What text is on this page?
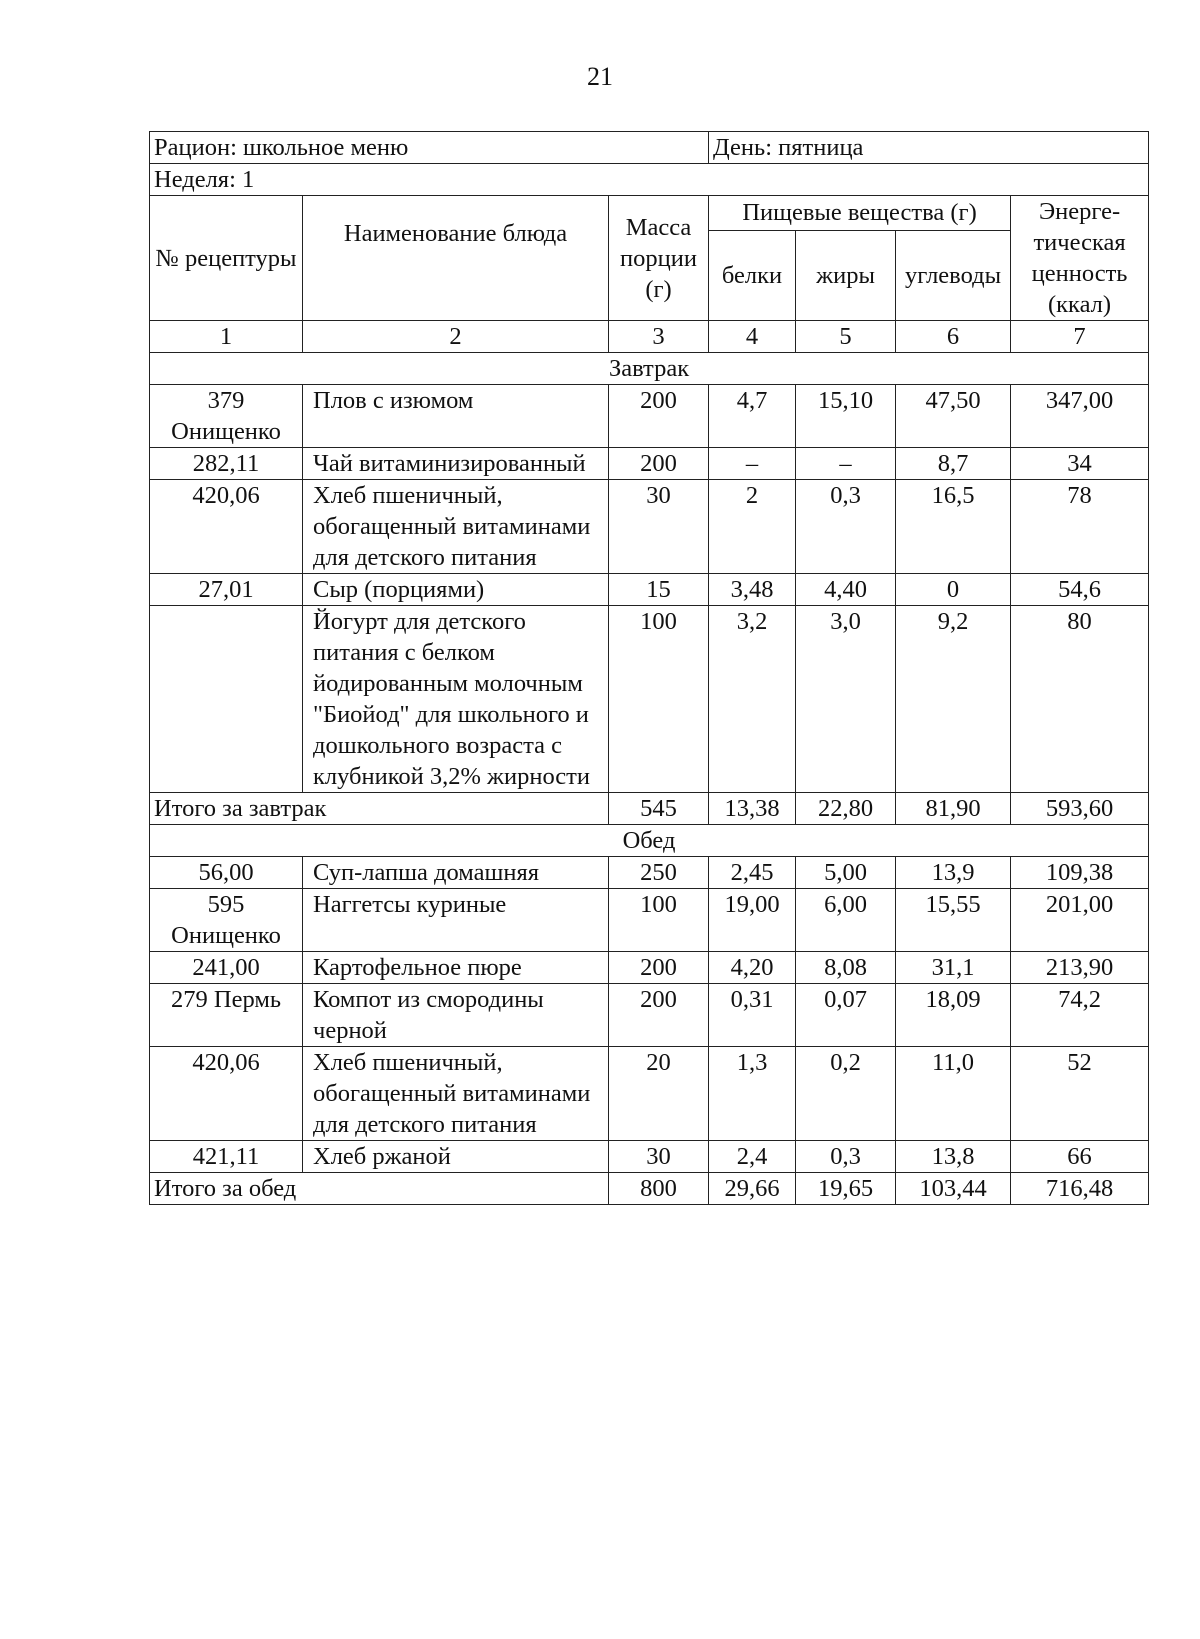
21
Рацион: школьное меню			День: пятница			
Неделя: 1						
№ рецептуры	Наименование блюда	Масса порции (г)	Пищевые вещества (г)			Энерге-тическая ценность (ккал)
			белки	жиры	углеводы	
1	2	3	4	5	6	7
Завтрак						
379 Онищенко	Плов с изюмом	200	4,7	15,10	47,50	347,00
282,11	Чай витаминизированный	200	–	–	8,7	34
420,06	Хлеб пшеничный, обогащенный витаминами для детского питания	30	2	0,3	16,5	78
27,01	Сыр (порциями)	15	3,48	4,40	0	54,6
	Йогурт для детского питания с белком йодированным молочным "Биойод" для школьного и дошкольного возраста с клубникой 3,2% жирности	100	3,2	3,0	9,2	80
Итого за завтрак		545	13,38	22,80	81,90	593,60
Обед						
56,00	Суп-лапша домашняя	250	2,45	5,00	13,9	109,38
595 Онищенко	Наггетсы куриные	100	19,00	6,00	15,55	201,00
241,00	Картофельное пюре	200	4,20	8,08	31,1	213,90
279 Пермь	Компот из смородины черной	200	0,31	0,07	18,09	74,2
420,06	Хлеб пшеничный, обогащенный витаминами для детского питания	20	1,3	0,2	11,0	52
421,11	Хлеб ржаной	30	2,4	0,3	13,8	66
Итого за обед		800	29,66	19,65	103,44	716,48
